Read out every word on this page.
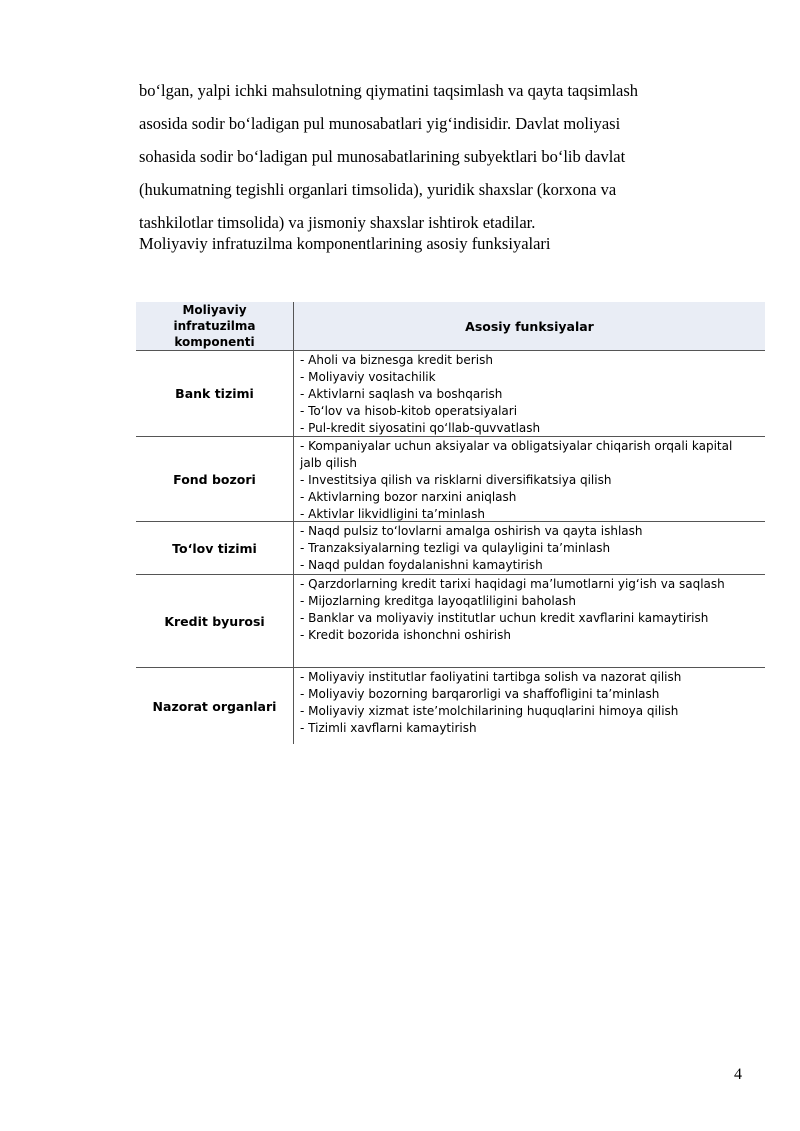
bo‘lgan, yalpi ichki mahsulotning qiymatini taqsimlash va qayta taqsimlash
asosida sodir bo‘ladigan pul munosabatlari yig‘indisidir. Davlat moliyasi
sohasida sodir bo‘ladigan pul munosabatlarining subyektlari bo‘lib davlat
(hukumatning tegishli organlari timsolida), yuridik shaxslar (korxona va
tashkilotlar timsolida) va jismoniy shaxslar ishtirok etadilar.

Moliyaviy infratuzilma komponentlarining asosiy funksiyalari
Moliyaviy
infratuzilma
komponenti
Asosiy funksiyalar
Bank tizimi
- Aholi va biznesga kredit berish
- Moliyaviy vositachilik
- Aktivlarni saqlash va boshqarish
- To‘lov va hisob-kitob operatsiyalari
- Pul-kredit siyosatini qo‘llab-quvvatlash
Fond bozori
- Kompaniyalar uchun aksiyalar va obligatsiyalar chiqarish orqali kapital
jalb qilish
- Investitsiya qilish va risklarni diversifikatsiya qilish
- Aktivlarning bozor narxini aniqlash
- Aktivlar likvidligini ta’minlash
To‘lov tizimi
- Naqd pulsiz to‘lovlarni amalga oshirish va qayta ishlash
- Tranzaksiyalarning tezligi va qulayligini ta’minlash
- Naqd puldan foydalanishni kamaytirish
Kredit byurosi
- Qarzdorlarning kredit tarixi haqidagi ma’lumotlarni yig‘ish va saqlash
- Mijozlarning kreditga layoqatliligini baholash
- Banklar va moliyaviy institutlar uchun kredit xavflarini kamaytirish
- Kredit bozorida ishonchni oshirish
Nazorat organlari
- Moliyaviy institutlar faoliyatini tartibga solish va nazorat qilish
- Moliyaviy bozorning barqarorligi va shaffofligini ta’minlash
- Moliyaviy xizmat iste’molchilarining huquqlarini himoya qilish
- Tizimli xavflarni kamaytirish
4
